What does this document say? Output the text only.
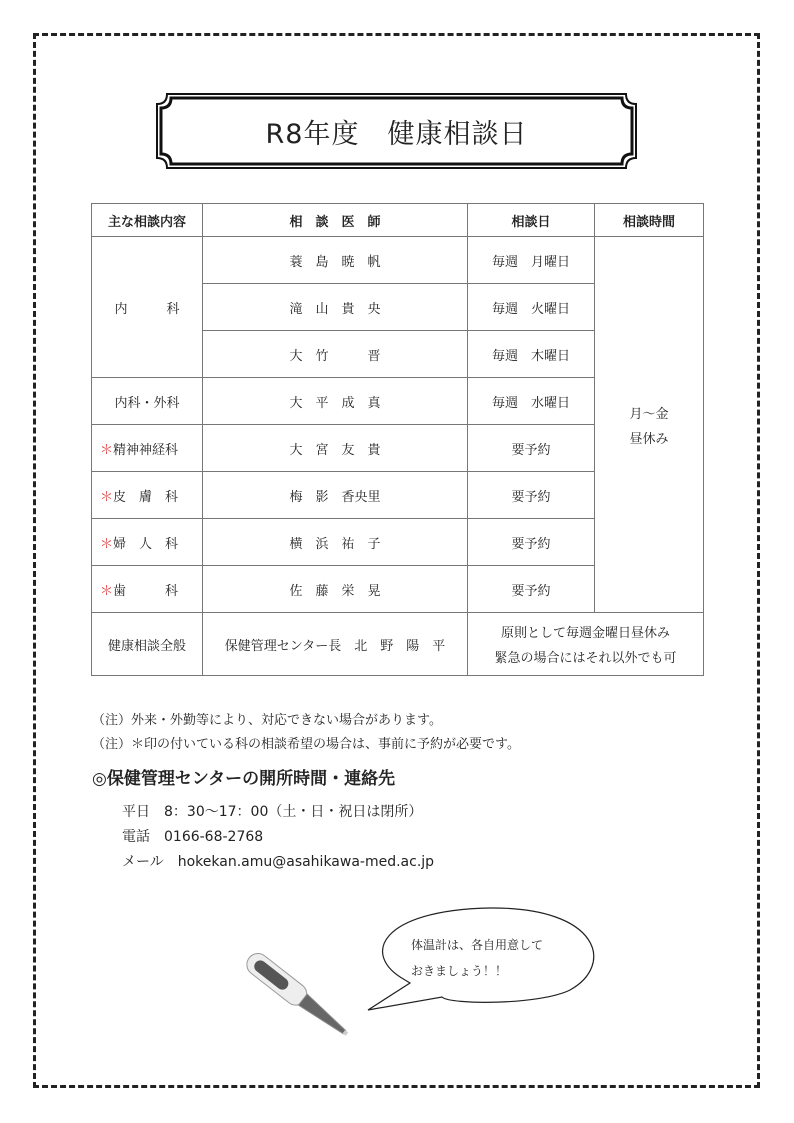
R8年度　健康相談日
主な相談内容	相　談　医　師	相談日	相談時間
内　　　科	蓑　島　暁　帆	毎週　月曜日	月～金
昼休み

	滝　山　貴　央	毎週　火曜日	
	大　竹　　　晋	毎週　木曜日	
内科・外科	大　平　成　真	毎週　水曜日	
＊精神神経科	大　宮　友　貴	要予約	
＊皮　膚　科	梅　影　香央里	要予約	
＊婦　人　科	横　浜　祐　子	要予約	
＊歯　　　科	佐　藤　栄　晃	要予約	
健康相談全般	保健管理センター長　北　野　陽　平	原則として毎週金曜日昼休み
緊急の場合にはそれ以外でも可	
（注）外来・外勤等により、対応できない場合があります。
（注）＊印の付いている科の相談希望の場合は、事前に予約が必要です。
◎保健管理センターの開所時間・連絡先
平日　8：30～17：00（土・日・祝日は閉所）
電話　0166-68-2768
メール　hokekan.amu@asahikawa-med.ac.jp
体温計は、各自用意して
おきましょう！！
